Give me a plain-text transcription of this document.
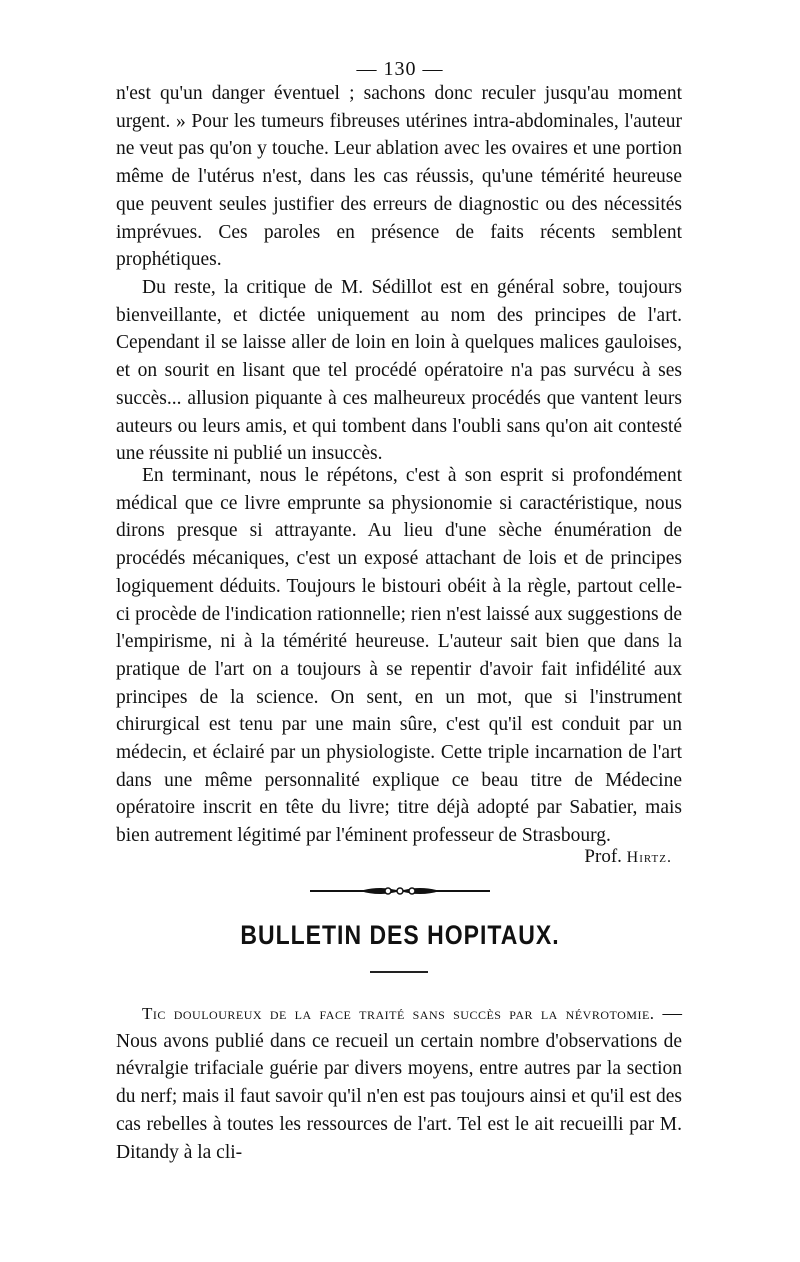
— 130 —
n'est qu'un danger éventuel ; sachons donc reculer jusqu'au moment urgent. » Pour les tumeurs fibreuses utérines intra-abdominales, l'auteur ne veut pas qu'on y touche. Leur ablation avec les ovaires et une portion même de l'utérus n'est, dans les cas réussis, qu'une témérité heureuse que peuvent seules justifier des erreurs de diagnostic ou des nécessités imprévues. Ces paroles en présence de faits récents semblent prophétiques.
Du reste, la critique de M. Sédillot est en général sobre, toujours bienveillante, et dictée uniquement au nom des principes de l'art. Cependant il se laisse aller de loin en loin à quelques malices gauloises, et on sourit en lisant que tel procédé opératoire n'a pas survécu à ses succès... allusion piquante à ces malheureux procédés que vantent leurs auteurs ou leurs amis, et qui tombent dans l'oubli sans qu'on ait contesté une réussite ni publié un insuccès.
En terminant, nous le répétons, c'est à son esprit si profondément médical que ce livre emprunte sa physionomie si caractéristique, nous dirons presque si attrayante. Au lieu d'une sèche énumération de procédés mécaniques, c'est un exposé attachant de lois et de principes logiquement déduits. Toujours le bistouri obéit à la règle, partout celle-ci procède de l'indication rationnelle; rien n'est laissé aux suggestions de l'empirisme, ni à la témérité heureuse. L'auteur sait bien que dans la pratique de l'art on a toujours à se repentir d'avoir fait infidélité aux principes de la science. On sent, en un mot, que si l'instrument chirurgical est tenu par une main sûre, c'est qu'il est conduit par un médecin, et éclairé par un physiologiste. Cette triple incarnation de l'art dans une même personnalité explique ce beau titre de Médecine opératoire inscrit en tête du livre; titre déjà adopté par Sabatier, mais bien autrement légitimé par l'éminent professeur de Strasbourg.
Prof. Hirtz.
BULLETIN DES HOPITAUX.
Tic douloureux de la face traité sans succès par la névrotomie. — Nous avons publié dans ce recueil un certain nombre d'observations de névralgie trifaciale guérie par divers moyens, entre autres par la section du nerf; mais il faut savoir qu'il n'en est pas toujours ainsi et qu'il est des cas rebelles à toutes les ressources de l'art. Tel est le ait recueilli par M. Ditandy à la cli-
